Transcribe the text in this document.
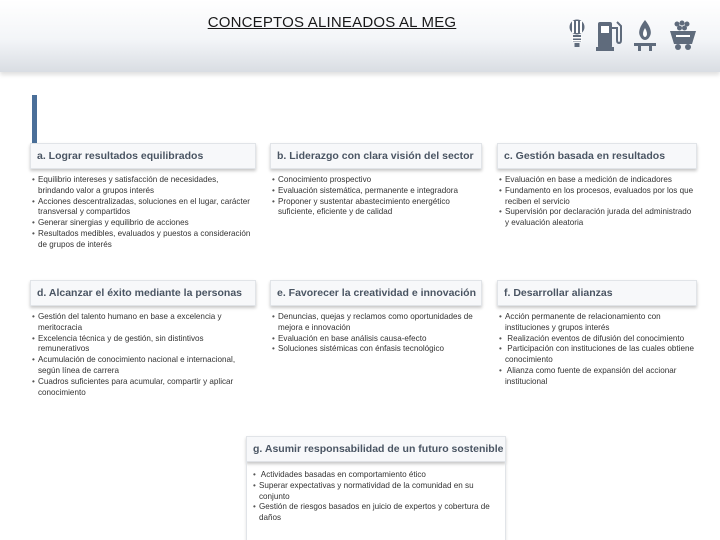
CONCEPTOS ALINEADOS AL MEG
a. Lograr resultados equilibrados
• Equilibrio intereses y satisfacción de necesidades, brindando valor a grupos interés
• Acciones descentralizadas, soluciones en el lugar, carácter transversal y compartidos
• Generar sinergias y equilibrio de acciones
• Resultados medibles, evaluados y puestos a consideración de grupos de interés
b. Liderazgo con clara visión del sector
• Conocimiento prospectivo
• Evaluación sistemática, permanente e integradora
• Proponer y sustentar abastecimiento energético suficiente, eficiente y de calidad
c. Gestión basada en resultados
• Evaluación en base a medición de indicadores
• Fundamento en los procesos, evaluados por los que reciben el servicio
• Supervisión por declaración jurada del administrado y evaluación aleatoria
d. Alcanzar el éxito mediante la personas
• Gestión del talento humano en base a excelencia y meritocracia
• Excelencia técnica y de gestión, sin distintivos remunerativos
• Acumulación de conocimiento nacional e internacional, según línea de carrera
• Cuadros suficientes para acumular, compartir y aplicar conocimiento
e. Favorecer la creatividad e innovación
• Denuncias, quejas y reclamos como oportunidades de mejora e innovación
• Evaluación en base análisis causa-efecto
• Soluciones sistémicas con énfasis tecnológico
f. Desarrollar alianzas
• Acción permanente de relacionamiento con instituciones y grupos interés
• Realización eventos de difusión del conocimiento
• Participación con instituciones de las cuales obtiene conocimiento
• Alianza como fuente de expansión del accionar institucional
g. Asumir responsabilidad de un futuro sostenible
• Actividades basadas en comportamiento ético
• Superar expectativas y normatividad de la comunidad en su conjunto
• Gestión de riesgos basados en juicio de expertos y cobertura de daños
